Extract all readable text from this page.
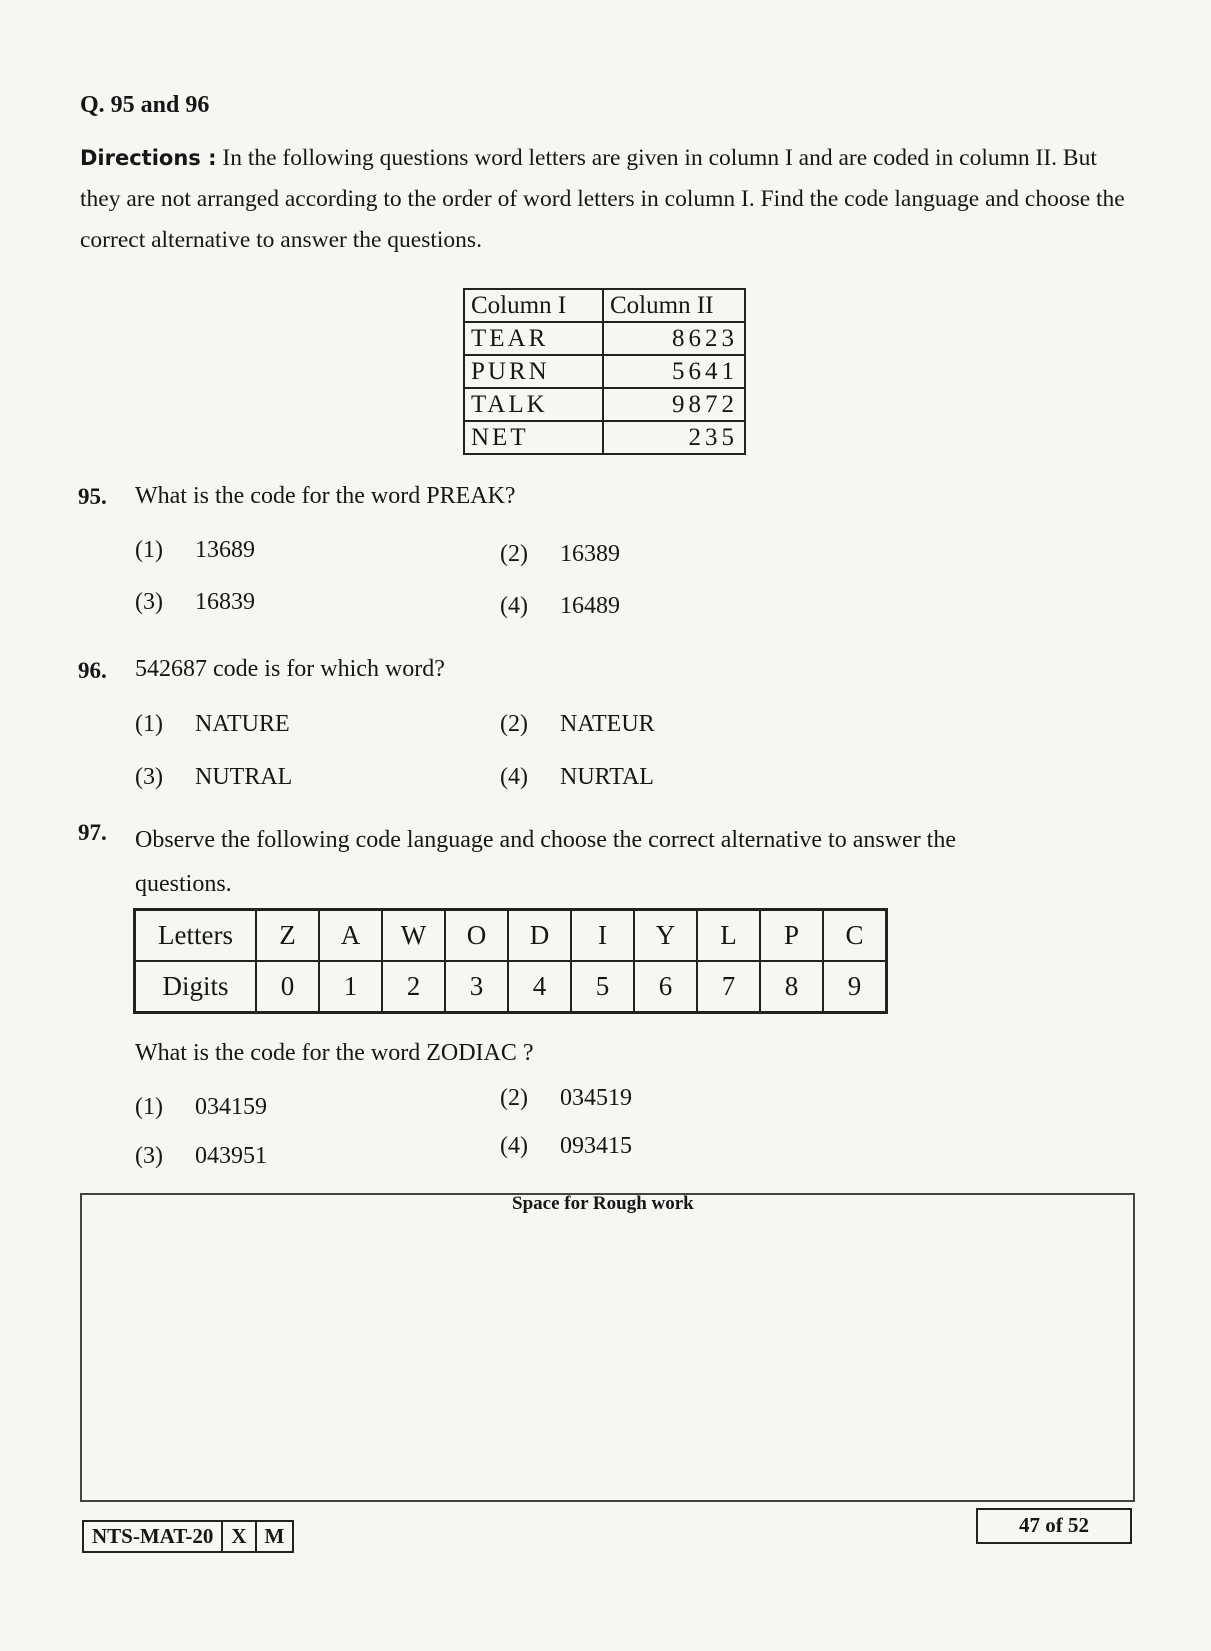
Q. 95 and 96
Directions : In the following questions word letters are given in column I and are coded in column II. But they are not arranged according to the order of word letters in column I. Find the code language and choose the correct alternative to answer the questions.
Column I	Column II
TEAR	8623
PURN	5641
TALK	9872
NET	235
95. What is the code for the word PREAK?
(1) 13689	(2) 16389
(3) 16839	(4) 16489
96. 542687 code is for which word?
(1) NATURE	(2) NATEUR
(3) NUTRAL	(4) NURTAL
97. Observe the following code language and choose the correct alternative to answer the questions.
Letters	Z	A	W	O	D	I	Y	L	P	C
Digits	0	1	2	3	4	5	6	7	8	9
What is the code for the word ZODIAC ?
(1) 034159	(2) 034519
(3) 043951	(4) 093415
Space for Rough work
NTS-MAT-20 X M	47 of 52
